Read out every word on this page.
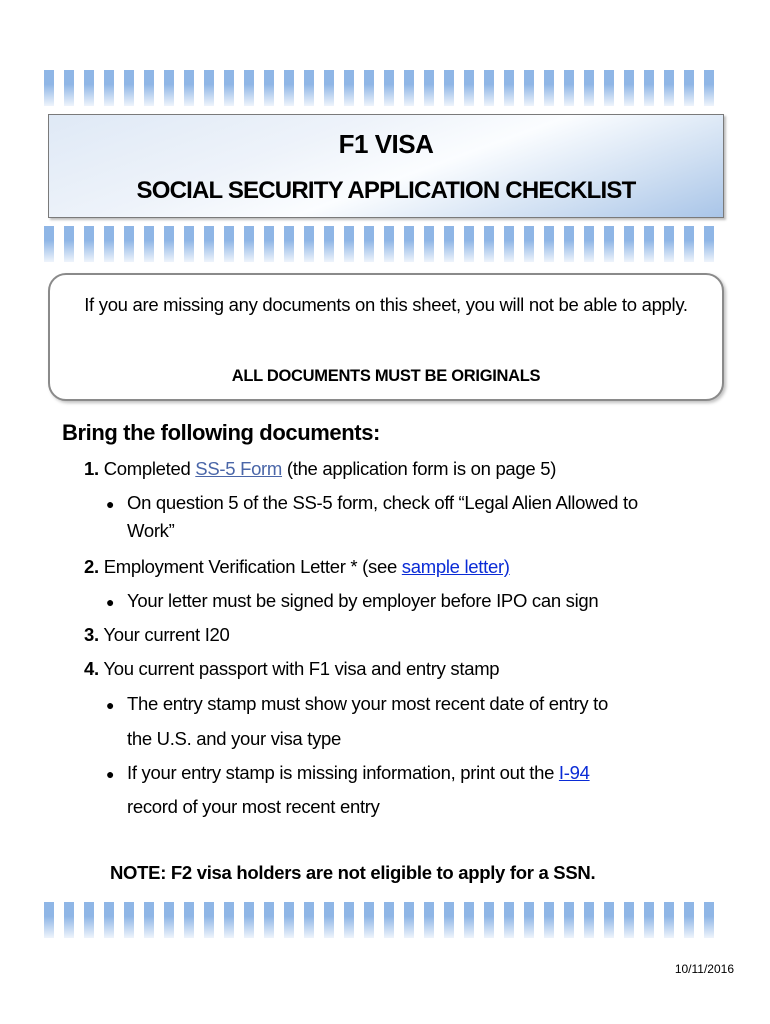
F1 VISA
SOCIAL SECURITY APPLICATION CHECKLIST
If you are missing any documents on this sheet, you will not be able to apply.
ALL DOCUMENTS MUST BE ORIGINALS
Bring the following documents:
1. Completed SS-5 Form (the application form is on page 5)
● On question 5 of the SS-5 form, check off “Legal Alien Allowed to
Work”
2. Employment Verification Letter * (see sample letter)
● Your letter must be signed by employer before IPO can sign
3. Your current I20
4. You current passport with F1 visa and entry stamp
● The entry stamp must show your most recent date of entry to
the U.S. and your visa type
● If your entry stamp is missing information, print out the I-94
record of your most recent entry
NOTE: F2 visa holders are not eligible to apply for a SSN.
10/11/2016
